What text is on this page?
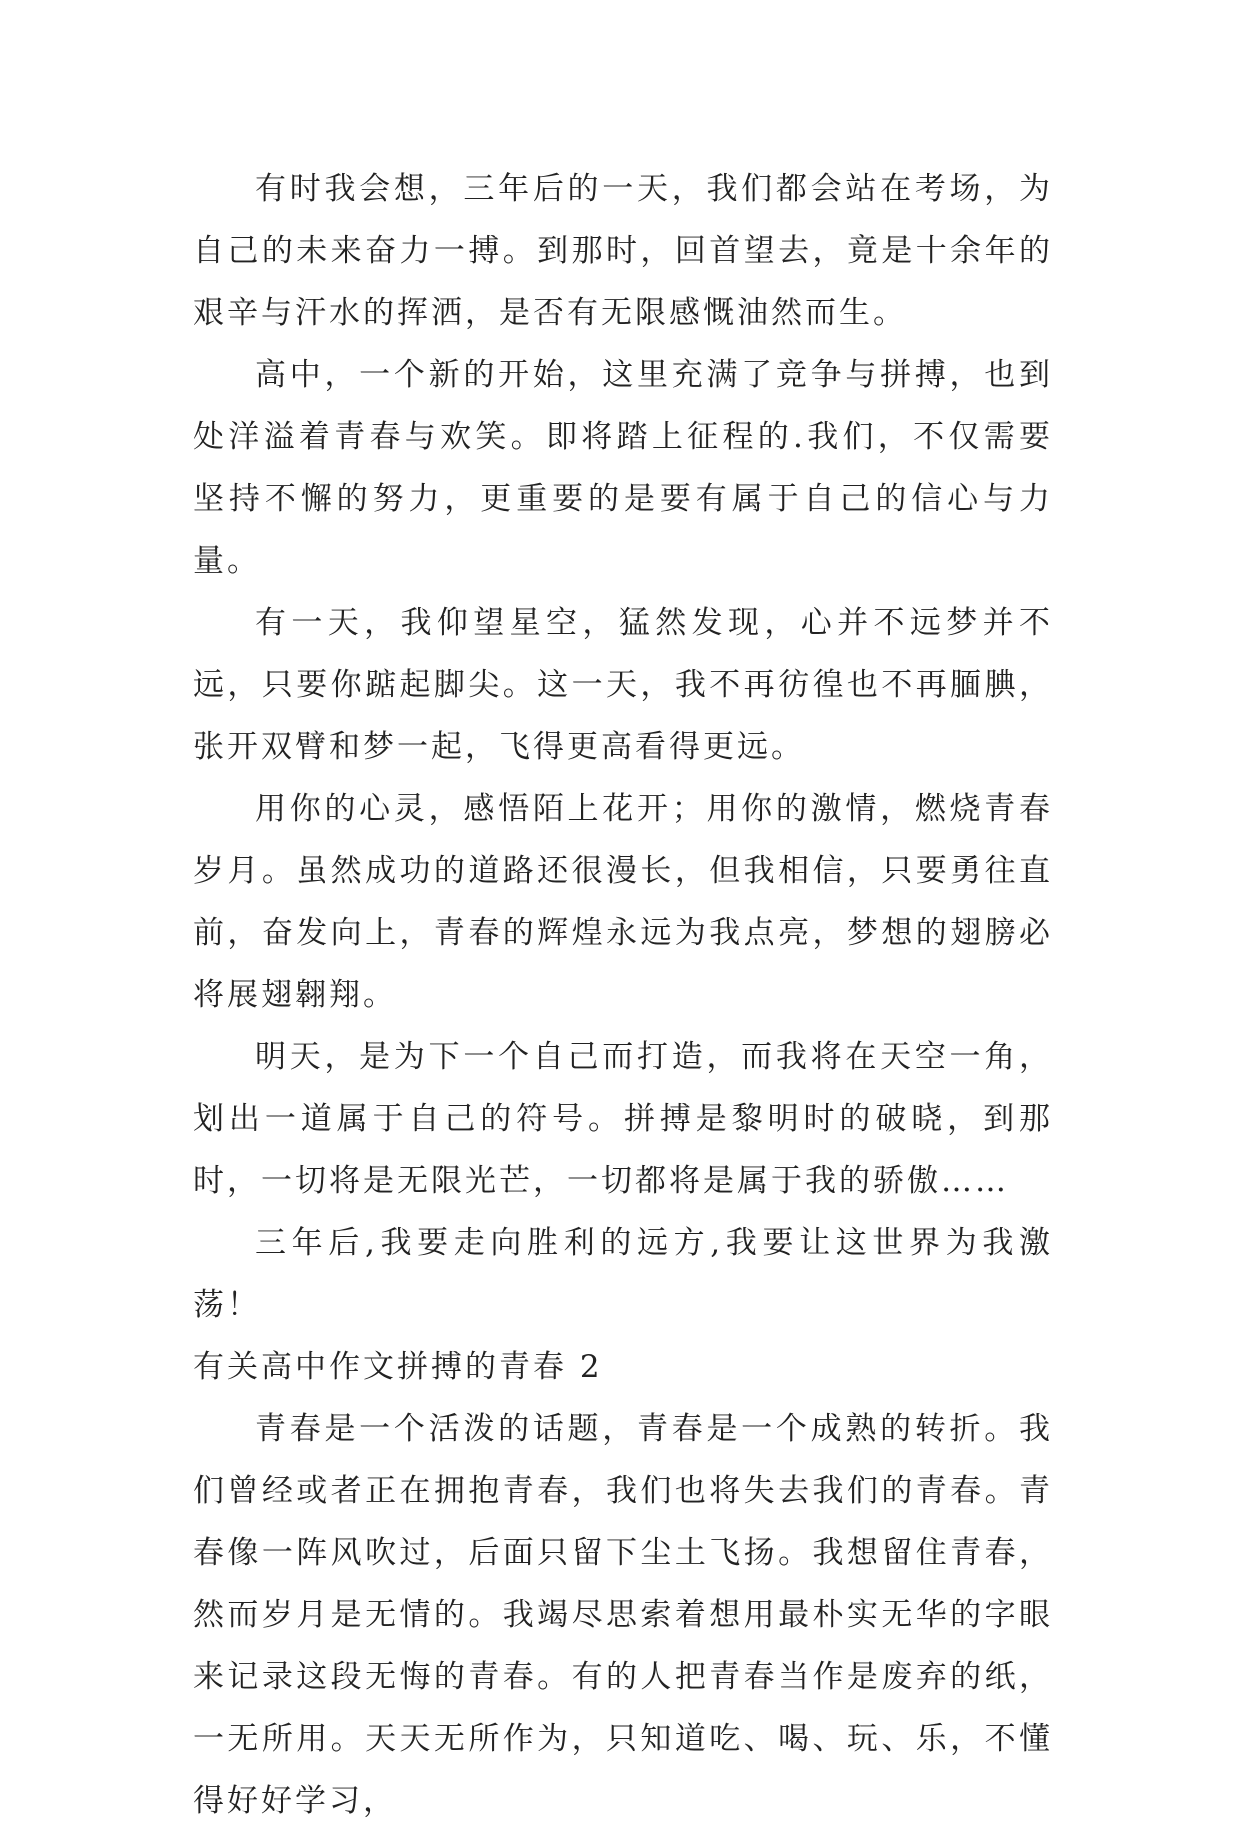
有时我会想，三年后的一天，我们都会站在考场，为自己的未来奋力一搏。到那时，回首望去，竟是十余年的艰辛与汗水的挥洒，是否有无限感慨油然而生。

高中，一个新的开始，这里充满了竞争与拼搏，也到处洋溢着青春与欢笑。即将踏上征程的.我们，不仅需要坚持不懈的努力，更重要的是要有属于自己的信心与力量。

有一天，我仰望星空，猛然发现，心并不远梦并不远，只要你踮起脚尖。这一天，我不再彷徨也不再腼腆，张开双臂和梦一起，飞得更高看得更远。

用你的心灵，感悟陌上花开；用你的激情，燃烧青春岁月。虽然成功的道路还很漫长，但我相信，只要勇往直前，奋发向上，青春的辉煌永远为我点亮，梦想的翅膀必将展翅翱翔。

明天，是为下一个自己而打造，而我将在天空一角，划出一道属于自己的符号。拼搏是黎明时的破晓，到那时，一切将是无限光芒，一切都将是属于我的骄傲……

三年后,我要走向胜利的远方,我要让这世界为我激荡！

有关高中作文拼搏的青春 2

青春是一个活泼的话题，青春是一个成熟的转折。我们曾经或者正在拥抱青春，我们也将失去我们的青春。青春像一阵风吹过，后面只留下尘土飞扬。我想留住青春，然而岁月是无情的。我竭尽思索着想用最朴实无华的字眼来记录这段无悔的青春。有的人把青春当作是废弃的纸，一无所用。天天无所作为，只知道吃、喝、玩、乐，不懂得好好学习，
